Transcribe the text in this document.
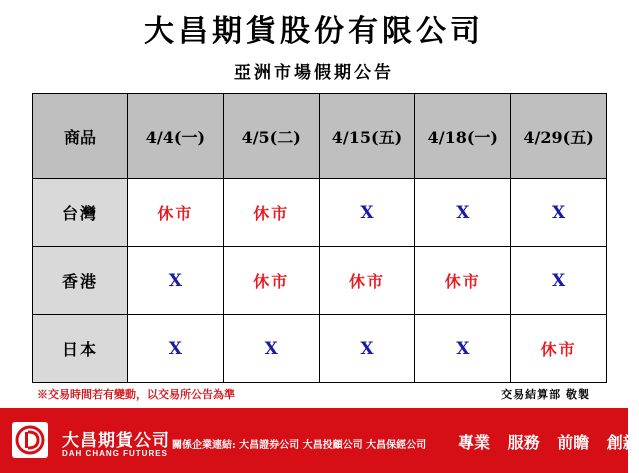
大昌期貨股份有限公司
亞洲市場假期公告
商品	4/4(一)	4/5(二)	4/15(五)	4/18(一)	4/29(五)
台灣	休市	休市	X	X	X
香港	X	休市	休市	休市	X
日本	X	X	X	X	休市
※交易時間若有變動，以交易所公告為準	交易結算部 敬製
大昌期貨公司
DAH CHANG FUTURES
關係企業連結: 大昌證券公司 大昌投顧公司 大昌保經公司 專業 服務 前瞻 創新
